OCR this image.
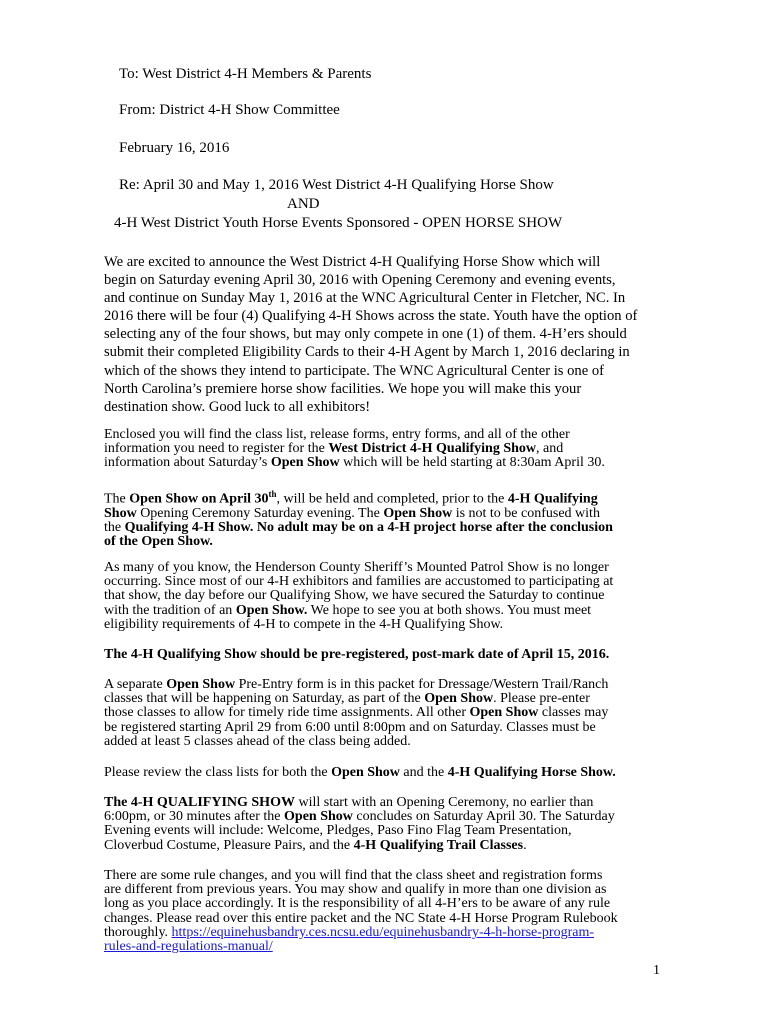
To: West District 4-H Members & Parents
From: District 4-H Show Committee
February 16, 2016
Re: April 30 and May 1, 2016 West District 4-H Qualifying Horse Show
AND
4-H West District Youth Horse Events Sponsored - OPEN HORSE SHOW
We are excited to announce the West District 4-H Qualifying Horse Show which will
begin on Saturday evening April 30, 2016 with Opening Ceremony and evening events,
and continue on Sunday May 1, 2016 at the WNC Agricultural Center in Fletcher, NC. In
2016 there will be four (4) Qualifying 4-H Shows across the state. Youth have the option of
selecting any of the four shows, but may only compete in one (1) of them. 4-H’ers should
submit their completed Eligibility Cards to their 4-H Agent by March 1, 2016 declaring in
which of the shows they intend to participate. The WNC Agricultural Center is one of
North Carolina’s premiere horse show facilities. We hope you will make this your
destination show. Good luck to all exhibitors!
Enclosed you will find the class list, release forms, entry forms, and all of the other
information you need to register for the West District 4-H Qualifying Show, and
information about Saturday’s Open Show which will be held starting at 8:30am April 30.
The Open Show on April 30th, will be held and completed, prior to the 4-H Qualifying
Show Opening Ceremony Saturday evening. The Open Show is not to be confused with
the Qualifying 4-H Show. No adult may be on a 4-H project horse after the conclusion
of the Open Show.
As many of you know, the Henderson County Sheriff’s Mounted Patrol Show is no longer
occurring. Since most of our 4-H exhibitors and families are accustomed to participating at
that show, the day before our Qualifying Show, we have secured the Saturday to continue
with the tradition of an Open Show. We hope to see you at both shows. You must meet
eligibility requirements of 4-H to compete in the 4-H Qualifying Show.
The 4-H Qualifying Show should be pre-registered, post-mark date of April 15, 2016.
A separate Open Show Pre-Entry form is in this packet for Dressage/Western Trail/Ranch
classes that will be happening on Saturday, as part of the Open Show. Please pre-enter
those classes to allow for timely ride time assignments. All other Open Show classes may
be registered starting April 29 from 6:00 until 8:00pm and on Saturday. Classes must be
added at least 5 classes ahead of the class being added.
Please review the class lists for both the Open Show and the 4-H Qualifying Horse Show.
The 4-H QUALIFYING SHOW will start with an Opening Ceremony, no earlier than
6:00pm, or 30 minutes after the Open Show concludes on Saturday April 30. The Saturday
Evening events will include: Welcome, Pledges, Paso Fino Flag Team Presentation,
Cloverbud Costume, Pleasure Pairs, and the 4-H Qualifying Trail Classes.
There are some rule changes, and you will find that the class sheet and registration forms
are different from previous years. You may show and qualify in more than one division as
long as you place accordingly. It is the responsibility of all 4-H’ers to be aware of any rule
changes. Please read over this entire packet and the NC State 4-H Horse Program Rulebook
thoroughly. https://equinehusbandry.ces.ncsu.edu/equinehusbandry-4-h-horse-program-
rules-and-regulations-manual/
1
